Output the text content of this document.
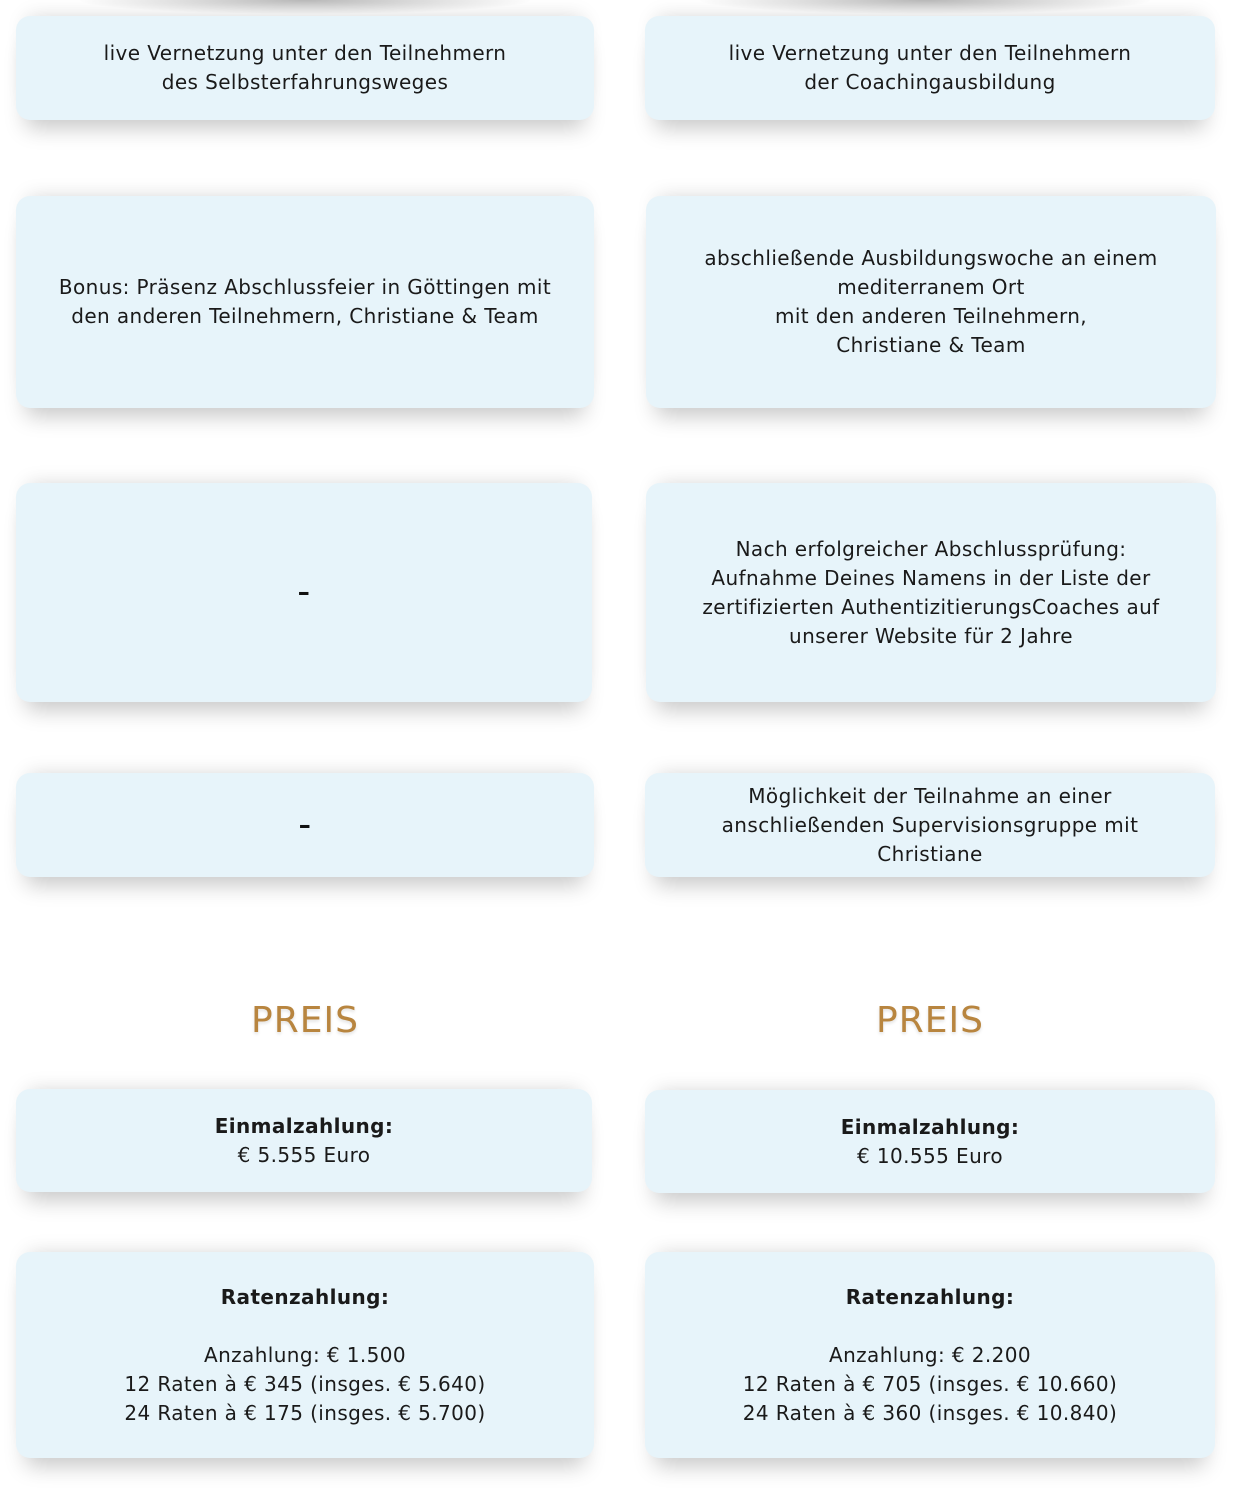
live Vernetzung unter den Teilnehmern
des Selbsterfahrungsweges
live Vernetzung unter den Teilnehmern
der Coachingausbildung
Bonus: Präsenz Abschlussfeier in Göttingen mit
den anderen Teilnehmern, Christiane & Team
abschließende Ausbildungswoche an einem
mediterranem Ort
mit den anderen Teilnehmern,
Christiane & Team
–
Nach erfolgreicher Abschlussprüfung:
Aufnahme Deines Namens in der Liste der
zertifizierten AuthentizitierungsCoaches auf
unserer Website für 2 Jahre
–
Möglichkeit der Teilnahme an einer
anschließenden Supervisionsgruppe mit
Christiane
PREIS	PREIS
Einmalzahlung:
€ 5.555 Euro
Einmalzahlung:
€ 10.555 Euro
Ratenzahlung:
Anzahlung: € 1.500
12 Raten à € 345 (insges. € 5.640)
24 Raten à € 175 (insges. € 5.700)
Ratenzahlung:
Anzahlung: € 2.200
12 Raten à € 705 (insges. € 10.660)
24 Raten à € 360 (insges. € 10.840)
